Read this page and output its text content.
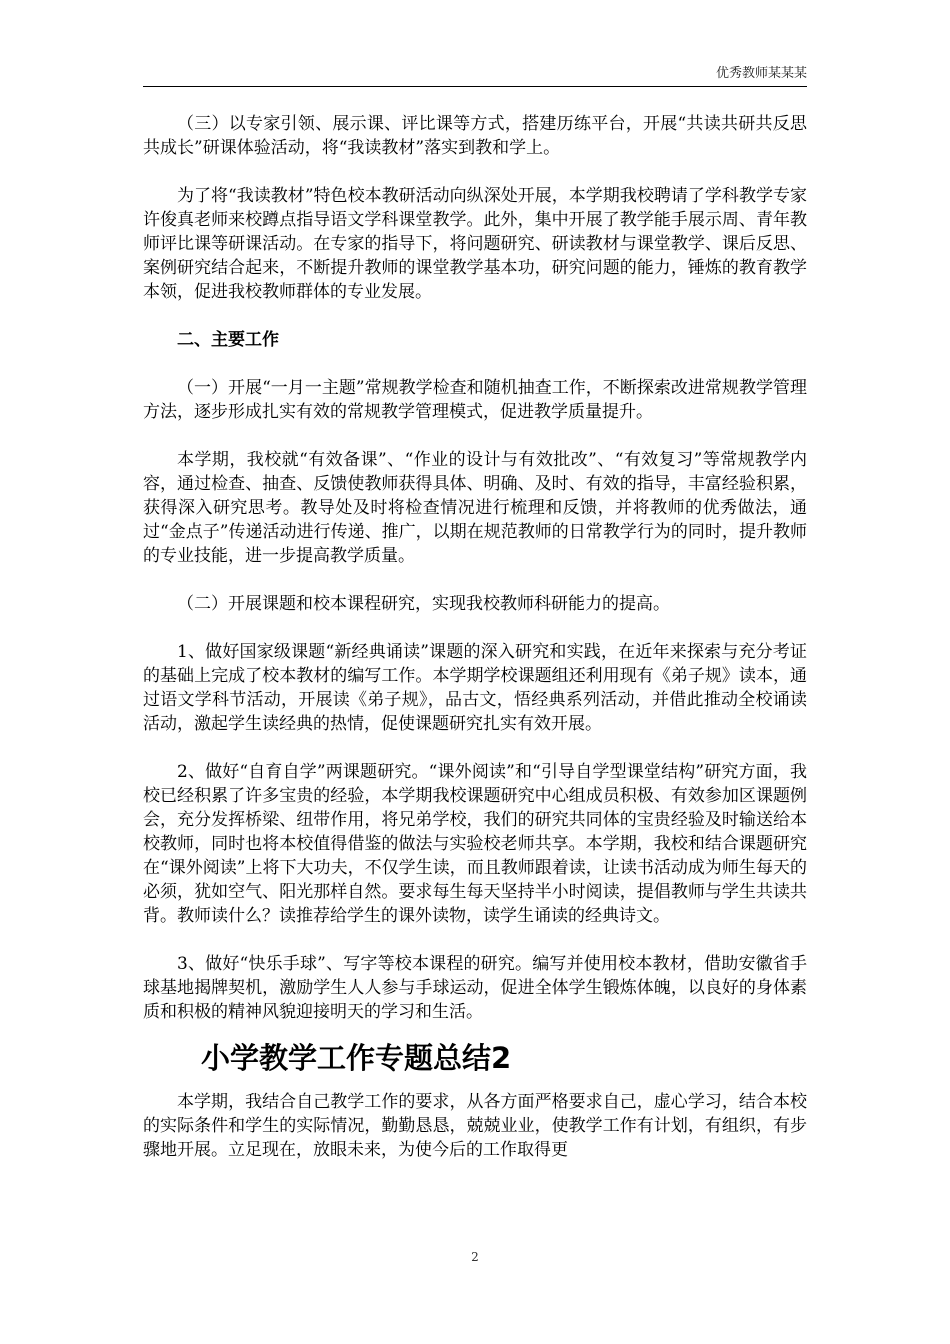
优秀教师某某某

（三）以专家引领、展示课、评比课等方式，搭建历练平台，开展“共读共研共反思共成长”研课体验活动，将“我读教材”落实到教和学上。

为了将“我读教材”特色校本教研活动向纵深处开展，本学期我校聘请了学科教学专家许俊真老师来校蹲点指导语文学科课堂教学。此外，集中开展了教学能手展示周、青年教师评比课等研课活动。在专家的指导下，将问题研究、研读教材与课堂教学、课后反思、案例研究结合起来，不断提升教师的课堂教学基本功，研究问题的能力，锤炼的教育教学本领，促进我校教师群体的专业发展。

二、主要工作

（一）开展“一月一主题”常规教学检查和随机抽查工作，不断探索改进常规教学管理方法，逐步形成扎实有效的常规教学管理模式，促进教学质量提升。

本学期，我校就“有效备课”、“作业的设计与有效批改”、“有效复习”等常规教学内容，通过检查、抽查、反馈使教师获得具体、明确、及时、有效的指导，丰富经验积累，获得深入研究思考。教导处及时将检查情况进行梳理和反馈，并将教师的优秀做法，通过“金点子”传递活动进行传递、推广，以期在规范教师的日常教学行为的同时，提升教师的专业技能，进一步提高教学质量。

（二）开展课题和校本课程研究，实现我校教师科研能力的提高。

1、做好国家级课题“新经典诵读”课题的深入研究和实践，在近年来探索与充分考证的基础上完成了校本教材的编写工作。本学期学校课题组还利用现有《弟子规》读本，通过语文学科节活动，开展读《弟子规》，品古文，悟经典系列活动，并借此推动全校诵读活动，激起学生读经典的热情，促使课题研究扎实有效开展。

2、做好“自育自学”两课题研究。“课外阅读”和“引导自学型课堂结构”研究方面，我校已经积累了许多宝贵的经验，本学期我校课题研究中心组成员积极、有效参加区课题例会，充分发挥桥梁、纽带作用，将兄弟学校，我们的研究共同体的宝贵经验及时输送给本校教师，同时也将本校值得借鉴的做法与实验校老师共享。本学期，我校和结合课题研究在“课外阅读”上将下大功夫，不仅学生读，而且教师跟着读，让读书活动成为师生每天的必须，犹如空气、阳光那样自然。要求每生每天坚持半小时阅读，提倡教师与学生共读共背。教师读什么？读推荐给学生的课外读物，读学生诵读的经典诗文。

3、做好“快乐手球”、写字等校本课程的研究。编写并使用校本教材，借助安徽省手球基地揭牌契机，激励学生人人参与手球运动，促进全体学生锻炼体魄，以良好的身体素质和积极的精神风貌迎接明天的学习和生活。

小学教学工作专题总结2

本学期，我结合自己教学工作的要求，从各方面严格要求自己，虚心学习，结合本校的实际条件和学生的实际情况，勤勤恳恳，兢兢业业，使教学工作有计划，有组织，有步骤地开展。立足现在，放眼未来，为使今后的工作取得更

2
